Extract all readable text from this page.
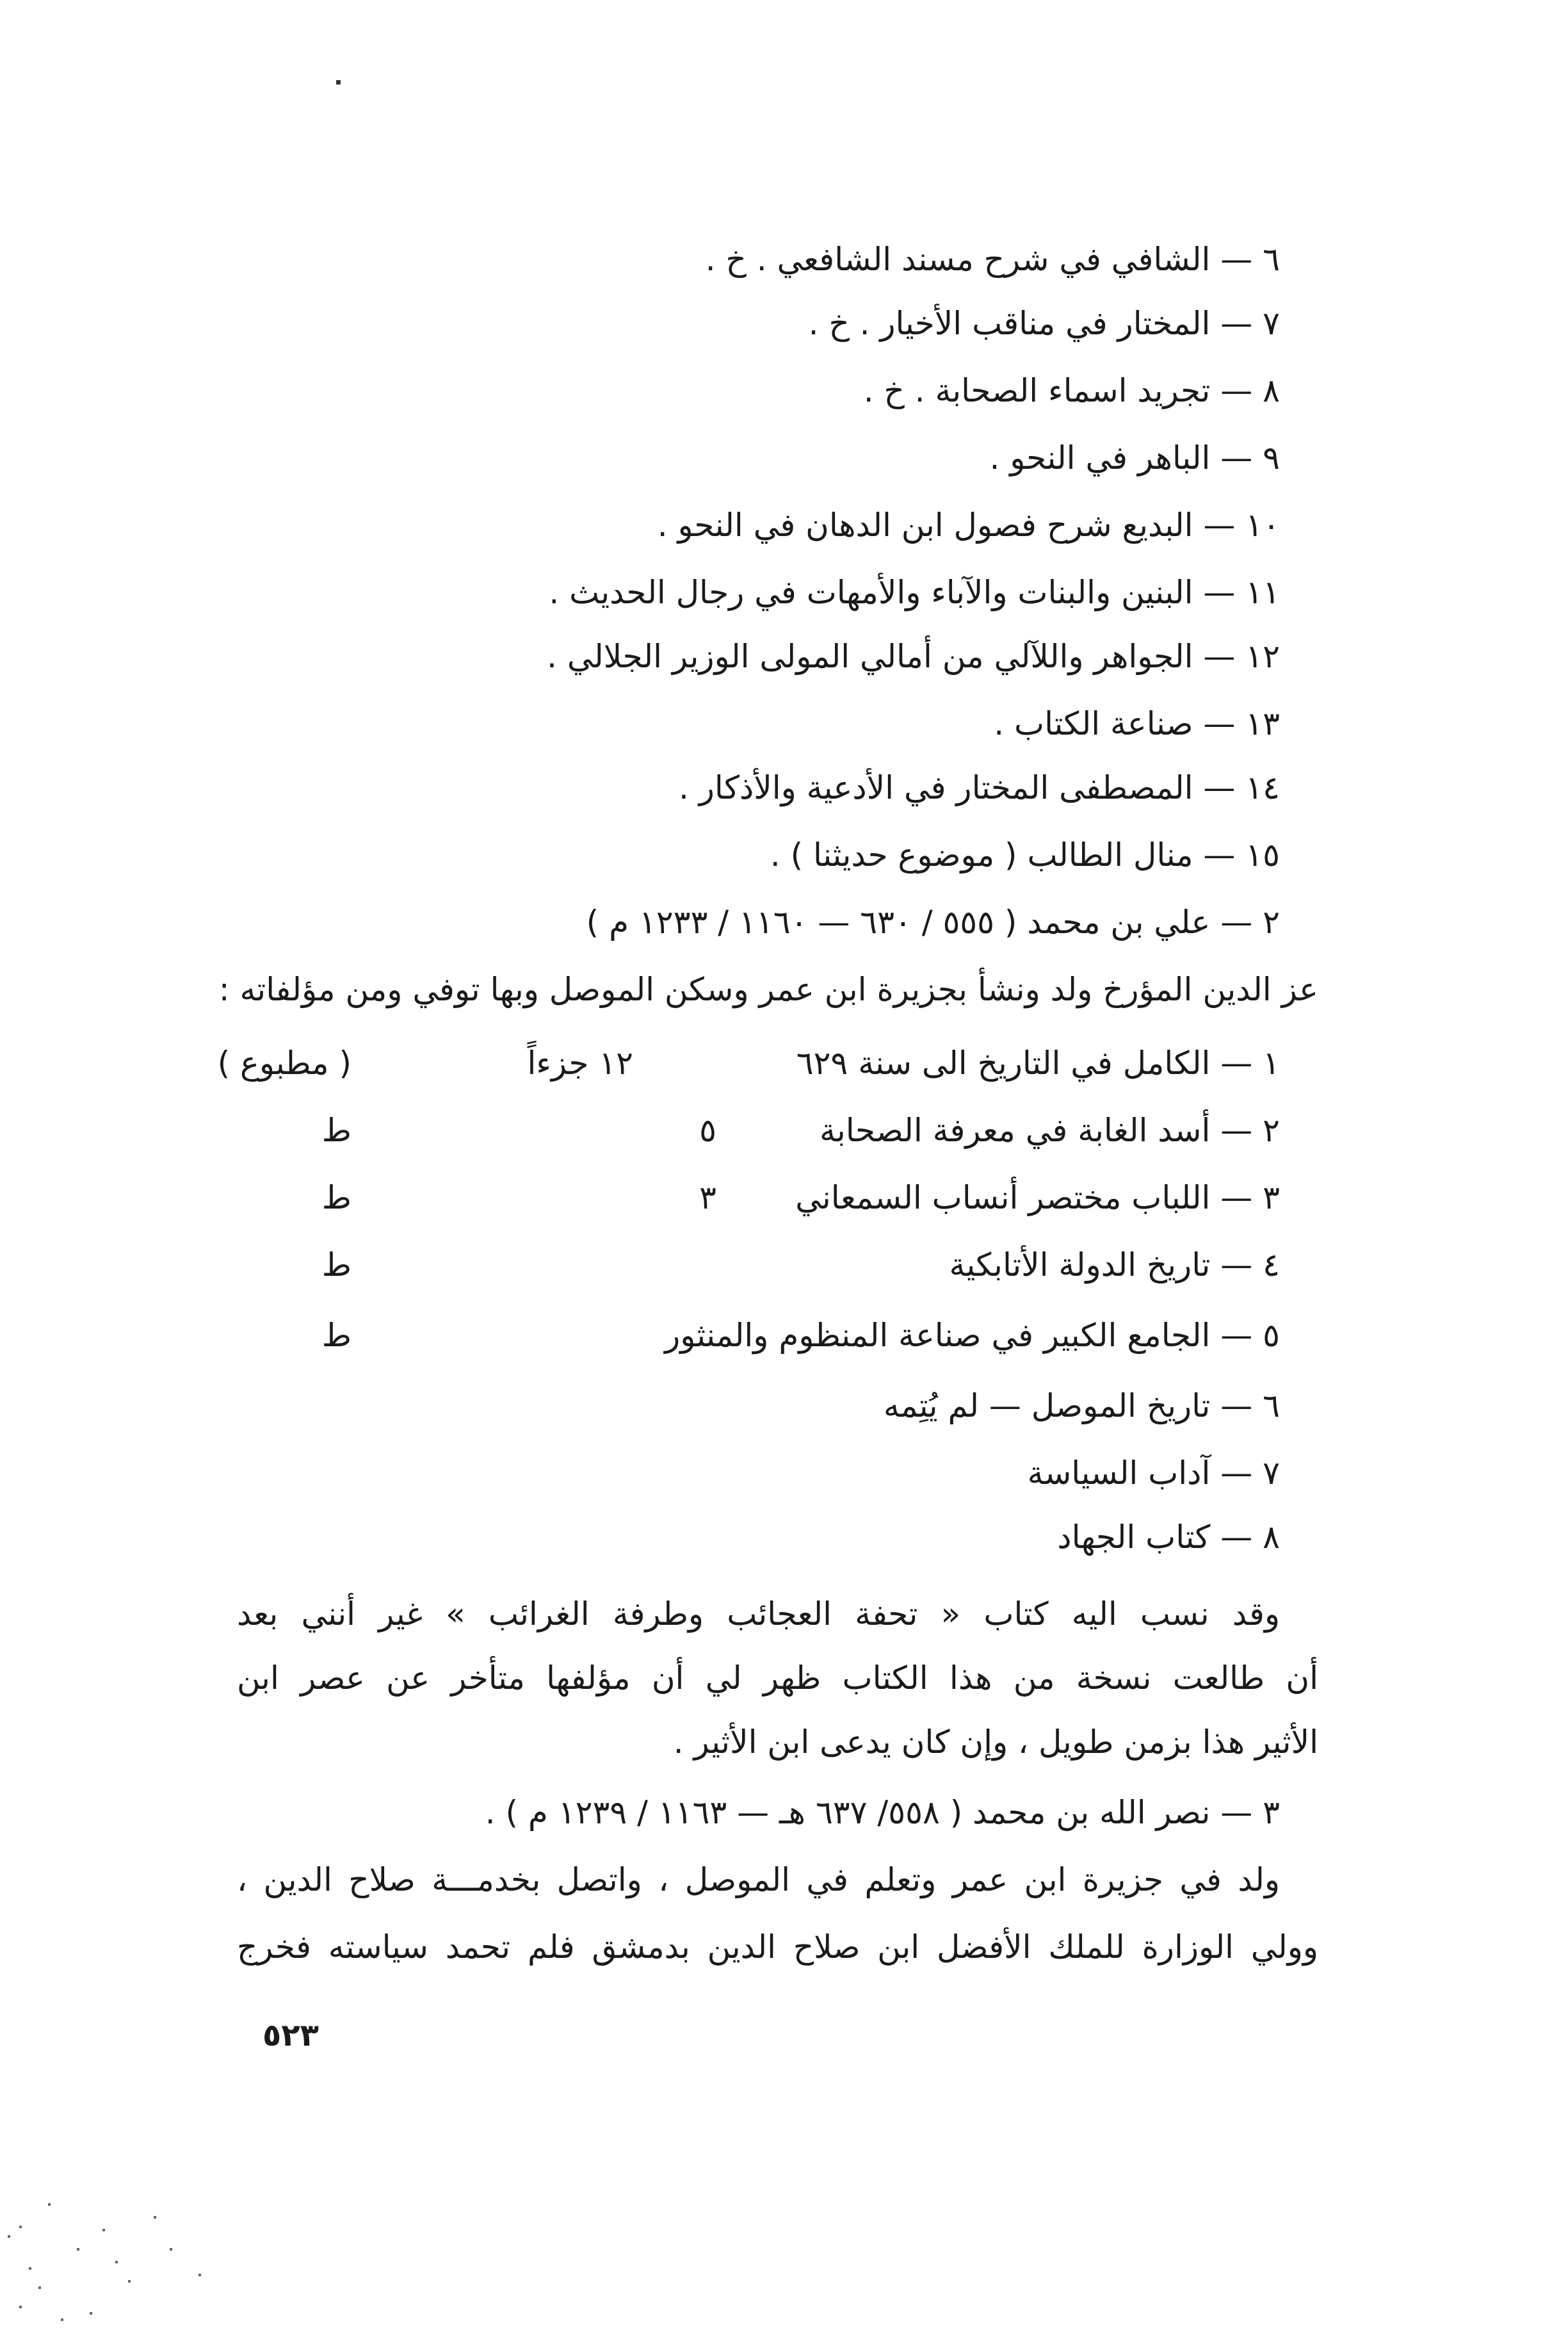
٦ — الشافي في شرح مسند الشافعي . خ .
٧ — المختار في مناقب الأخيار . خ .
٨ — تجريد اسماء الصحابة . خ .
٩ — الباهر في النحو .
١٠ — البديع شرح فصول ابن الدهان في النحو .
١١ — البنين والبنات والآباء والأمهات في رجال الحديث .
١٢ — الجواهر واللآلي من أمالي المولى الوزير الجلالي .
١٣ — صناعة الكتاب .
١٤ — المصطفى المختار في الأدعية والأذكار .
١٥ — منال الطالب ( موضوع حديثنا ) .
٢ — علي بن محمد ( ٥٥٥ / ٦٣٠ — ١١٦٠ / ١٢٣٣ م )
عز الدين المؤرخ ولد ونشأ بجزيرة ابن عمر وسكن الموصل وبها توفي ومن مؤلفاته :
١ — الكامل في التاريخ الى سنة ٦٢٩
١٢ جزءاً
( مطبوع )
٢ — أسد الغابة في معرفة الصحابة
٥
ط
٣ — اللباب مختصر أنساب السمعاني
٣
ط
٤ — تاريخ الدولة الأتابكية
ط
٥ — الجامع الكبير في صناعة المنظوم والمنثور
ط
٦ — تاريخ الموصل — لم يُتِمه
٧ — آداب السياسة
٨ — كتاب الجهاد
وقد نسب اليه كتاب « تحفة العجائب وطرفة الغرائب » غير أنني بعد
أن طالعت نسخة من هذا الكتاب ظهر لي أن مؤلفها متأخر عن عصر ابن
الأثير هذا بزمن طويل ، وإن كان يدعى ابن الأثير .
٣ — نصر الله بن محمد ( ٥٥٨/ ٦٣٧ هـ — ١١٦٣ / ١٢٣٩ م ) .
ولد في جزيرة ابن عمر وتعلم في الموصل ، واتصل بخدمـــة صلاح الدين ،
وولي الوزارة للملك الأفضل ابن صلاح الدين بدمشق فلم تحمد سياسته فخرج
٥٢٣
